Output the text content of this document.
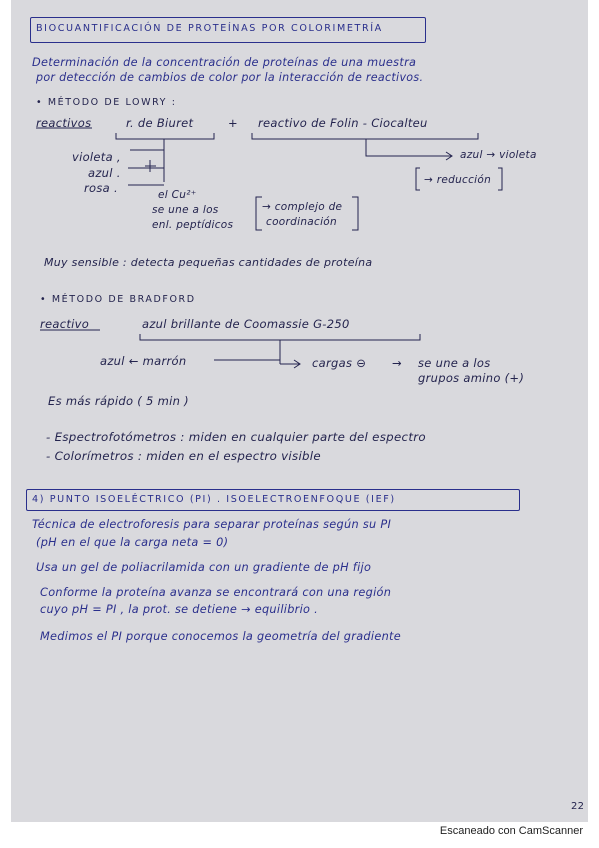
BIOCUANTIFICACIÓN DE PROTEÍNAS POR COLORIMETRÍA
Determinación de la concentración de proteínas de una muestra
por detección de cambios de color por la interacción de reactivos.
• MÉTODO DE LOWRY :
reactivos	r. de Biuret	+ reactivo de Folin - Ciocalteu
violeta ,
azul .
rosa .
azul → violeta
→ reducción
el Cu²⁺
se une a los
enl. peptídicos
→ complejo de
coordinación
Muy sensible : detecta pequeñas cantidades de proteína
• MÉTODO DE BRADFORD
reactivo	azul brillante de Coomassie G-250
azul ← marrón	cargas ⊖ → se une a los
grupos amino (+)
Es más rápido ( 5 min )
- Espectrofotómetros : miden en cualquier parte del espectro
- Colorímetros : miden en el espectro visible
4) PUNTO ISOELÉCTRICO (PI) . ISOELECTROENFOQUE (IEF)
Técnica de electroforesis para separar proteínas según su PI
(pH en el que la carga neta = 0)
Usa un gel de poliacrilamida con un gradiente de pH fijo
Conforme la proteína avanza se encontrará con una región
cuyo pH = PI , la prot. se detiene → equilibrio .
Medimos el PI porque conocemos la geometría del gradiente
22
Escaneado con CamScanner
